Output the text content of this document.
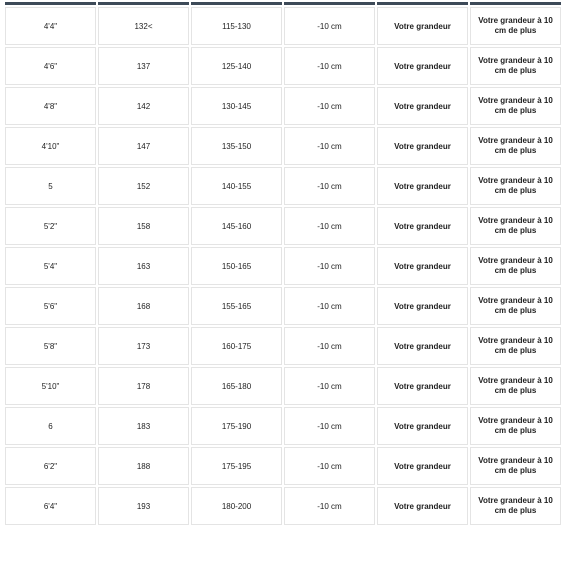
4'4"	132<	115-130	-10 cm	Votre grandeur	Votre grandeur à 10 cm de plus
4'6"	137	125-140	-10 cm	Votre grandeur	Votre grandeur à 10 cm de plus
4'8"	142	130-145	-10 cm	Votre grandeur	Votre grandeur à 10 cm de plus
4'10"	147	135-150	-10 cm	Votre grandeur	Votre grandeur à 10 cm de plus
5	152	140-155	-10 cm	Votre grandeur	Votre grandeur à 10 cm de plus
5'2"	158	145-160	-10 cm	Votre grandeur	Votre grandeur à 10 cm de plus
5'4"	163	150-165	-10 cm	Votre grandeur	Votre grandeur à 10 cm de plus
5'6"	168	155-165	-10 cm	Votre grandeur	Votre grandeur à 10 cm de plus
5'8"	173	160-175	-10 cm	Votre grandeur	Votre grandeur à 10 cm de plus
5'10"	178	165-180	-10 cm	Votre grandeur	Votre grandeur à 10 cm de plus
6	183	175-190	-10 cm	Votre grandeur	Votre grandeur à 10 cm de plus
6'2"	188	175-195	-10 cm	Votre grandeur	Votre grandeur à 10 cm de plus
6'4"	193	180-200	-10 cm	Votre grandeur	Votre grandeur à 10 cm de plus
